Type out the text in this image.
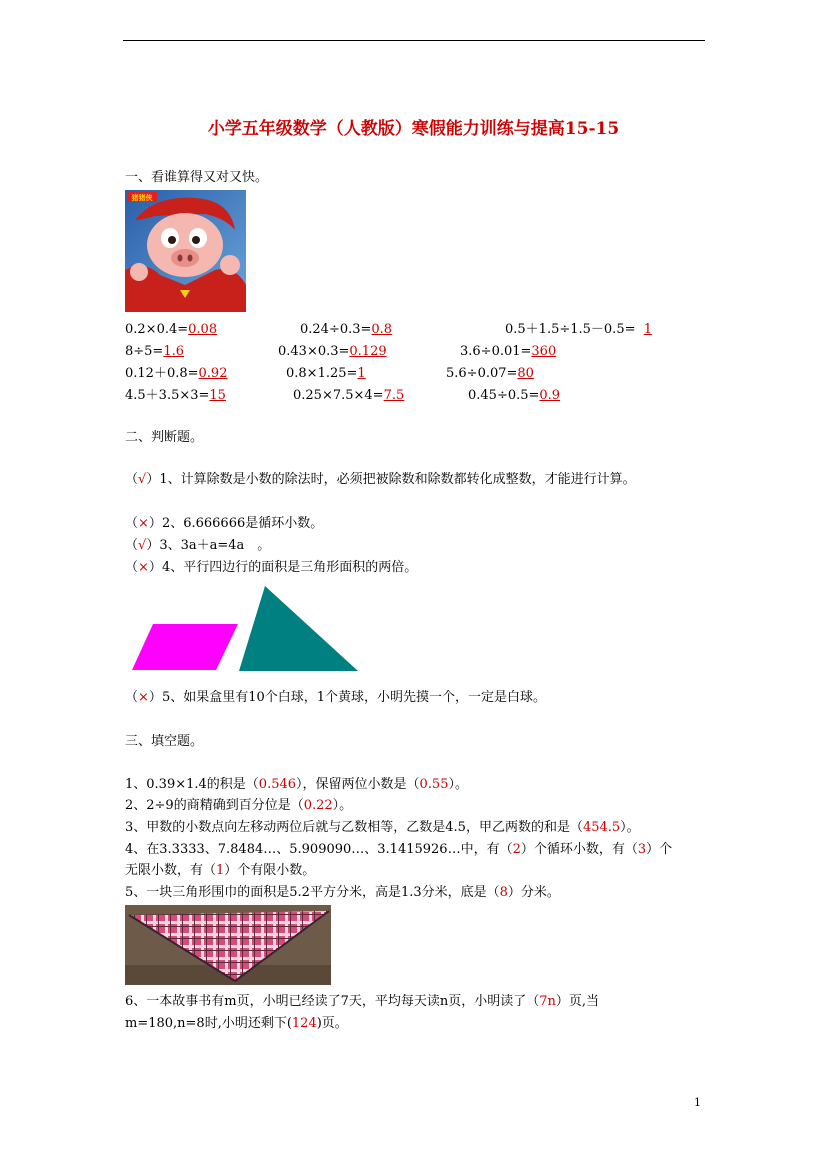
小学五年级数学（人教版）寒假能力训练与提高15-15
一、看谁算得又对又快。
猪猪侠
0.2×0.4=0.08	0.24÷0.3=0.8	0.5＋1.5÷1.5－0.5= 1
8÷5=1.6	0.43×0.3=0.129	3.6÷0.01=360
0.12＋0.8=0.92	0.8×1.25=1	5.6÷0.07=80
4.5＋3.5×3=15	0.25×7.5×4=7.5	0.45÷0.5=0.9
二、判断题。
（√）1、计算除数是小数的除法时，必须把被除数和除数都转化成整数，才能进行计算。
（×）2、6.666666是循环小数。
（√）3、3a＋a=4a　。
（×）4、平行四边行的面积是三角形面积的两倍。
（×）5、如果盒里有10个白球，1个黄球，小明先摸一个，一定是白球。
三、填空题。
1、0.39×1.4的积是（0.546），保留两位小数是（0.55）。
2、2÷9的商精确到百分位是（0.22）。
3、甲数的小数点向左移动两位后就与乙数相等，乙数是4.5，甲乙两数的和是（454.5）。
4、在3.3333、7.8484…、5.909090…、3.1415926…中，有（2）个循环小数，有（3）个
无限小数，有（1）个有限小数。
5、一块三角形围巾的面积是5.2平方分米，高是1.3分米，底是（8）分米。
6、一本故事书有m页，小明已经读了7天，平均每天读n页，小明读了（7n）页,当
m=180,n=8时,小明还剩下(124)页。
1
